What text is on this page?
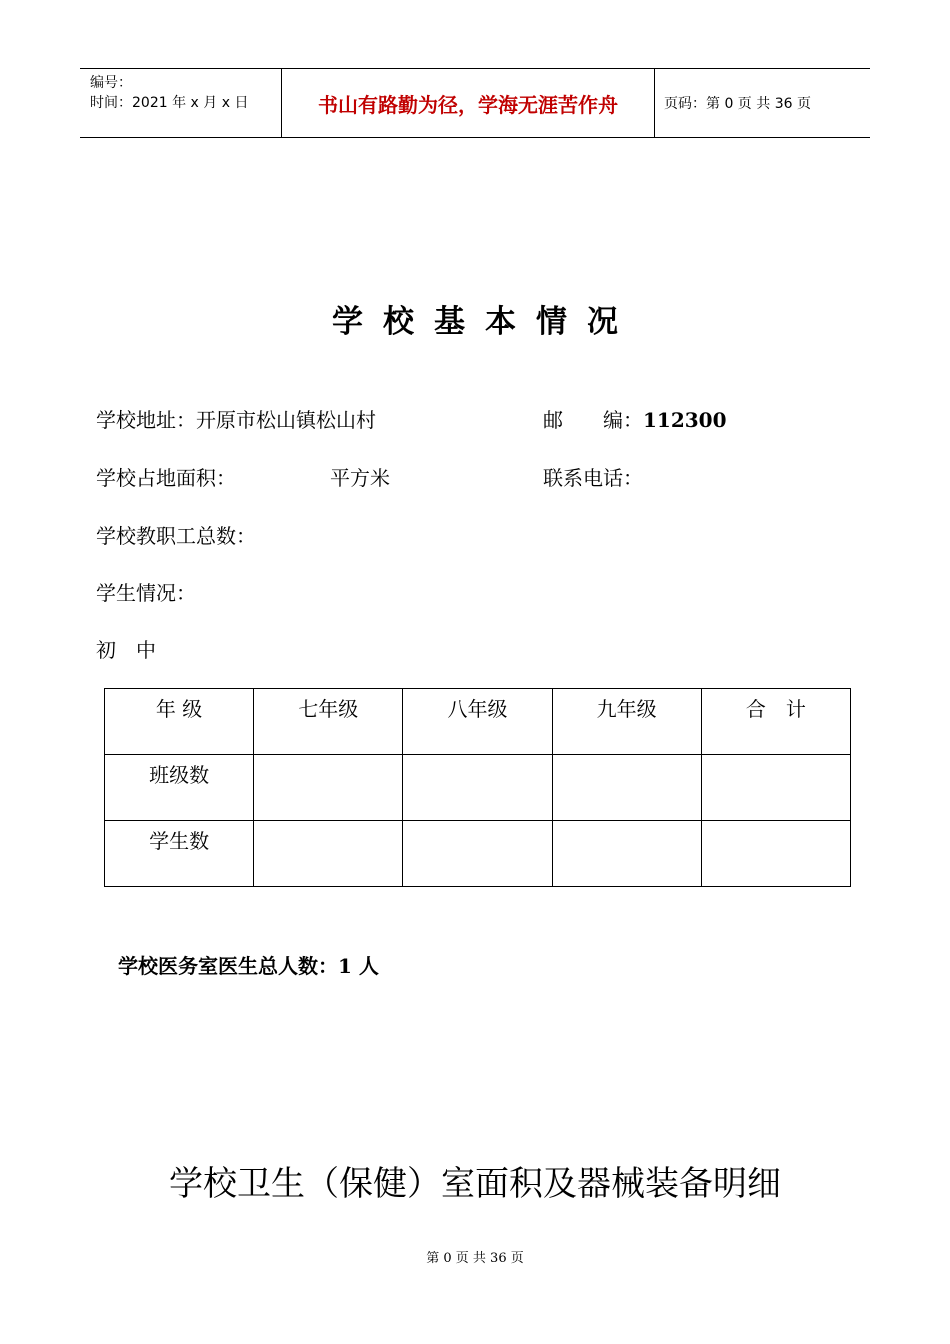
编号：
时间：2021 年 x 月 x 日	书山有路勤为径，学海无涯苦作舟	页码：第 0 页 共 36 页
学校基本情况
学校地址：开原市松山镇松山村	邮　　编：112300
学校占地面积：	平方米	联系电话：
学校教职工总数：
学生情况：
初　中
年 级	七年级	八年级	九年级	合　计
班级数				
学生数				
学校医务室医生总人数：1 人
学校卫生（保健）室面积及器械装备明细
第 0 页 共 36 页
